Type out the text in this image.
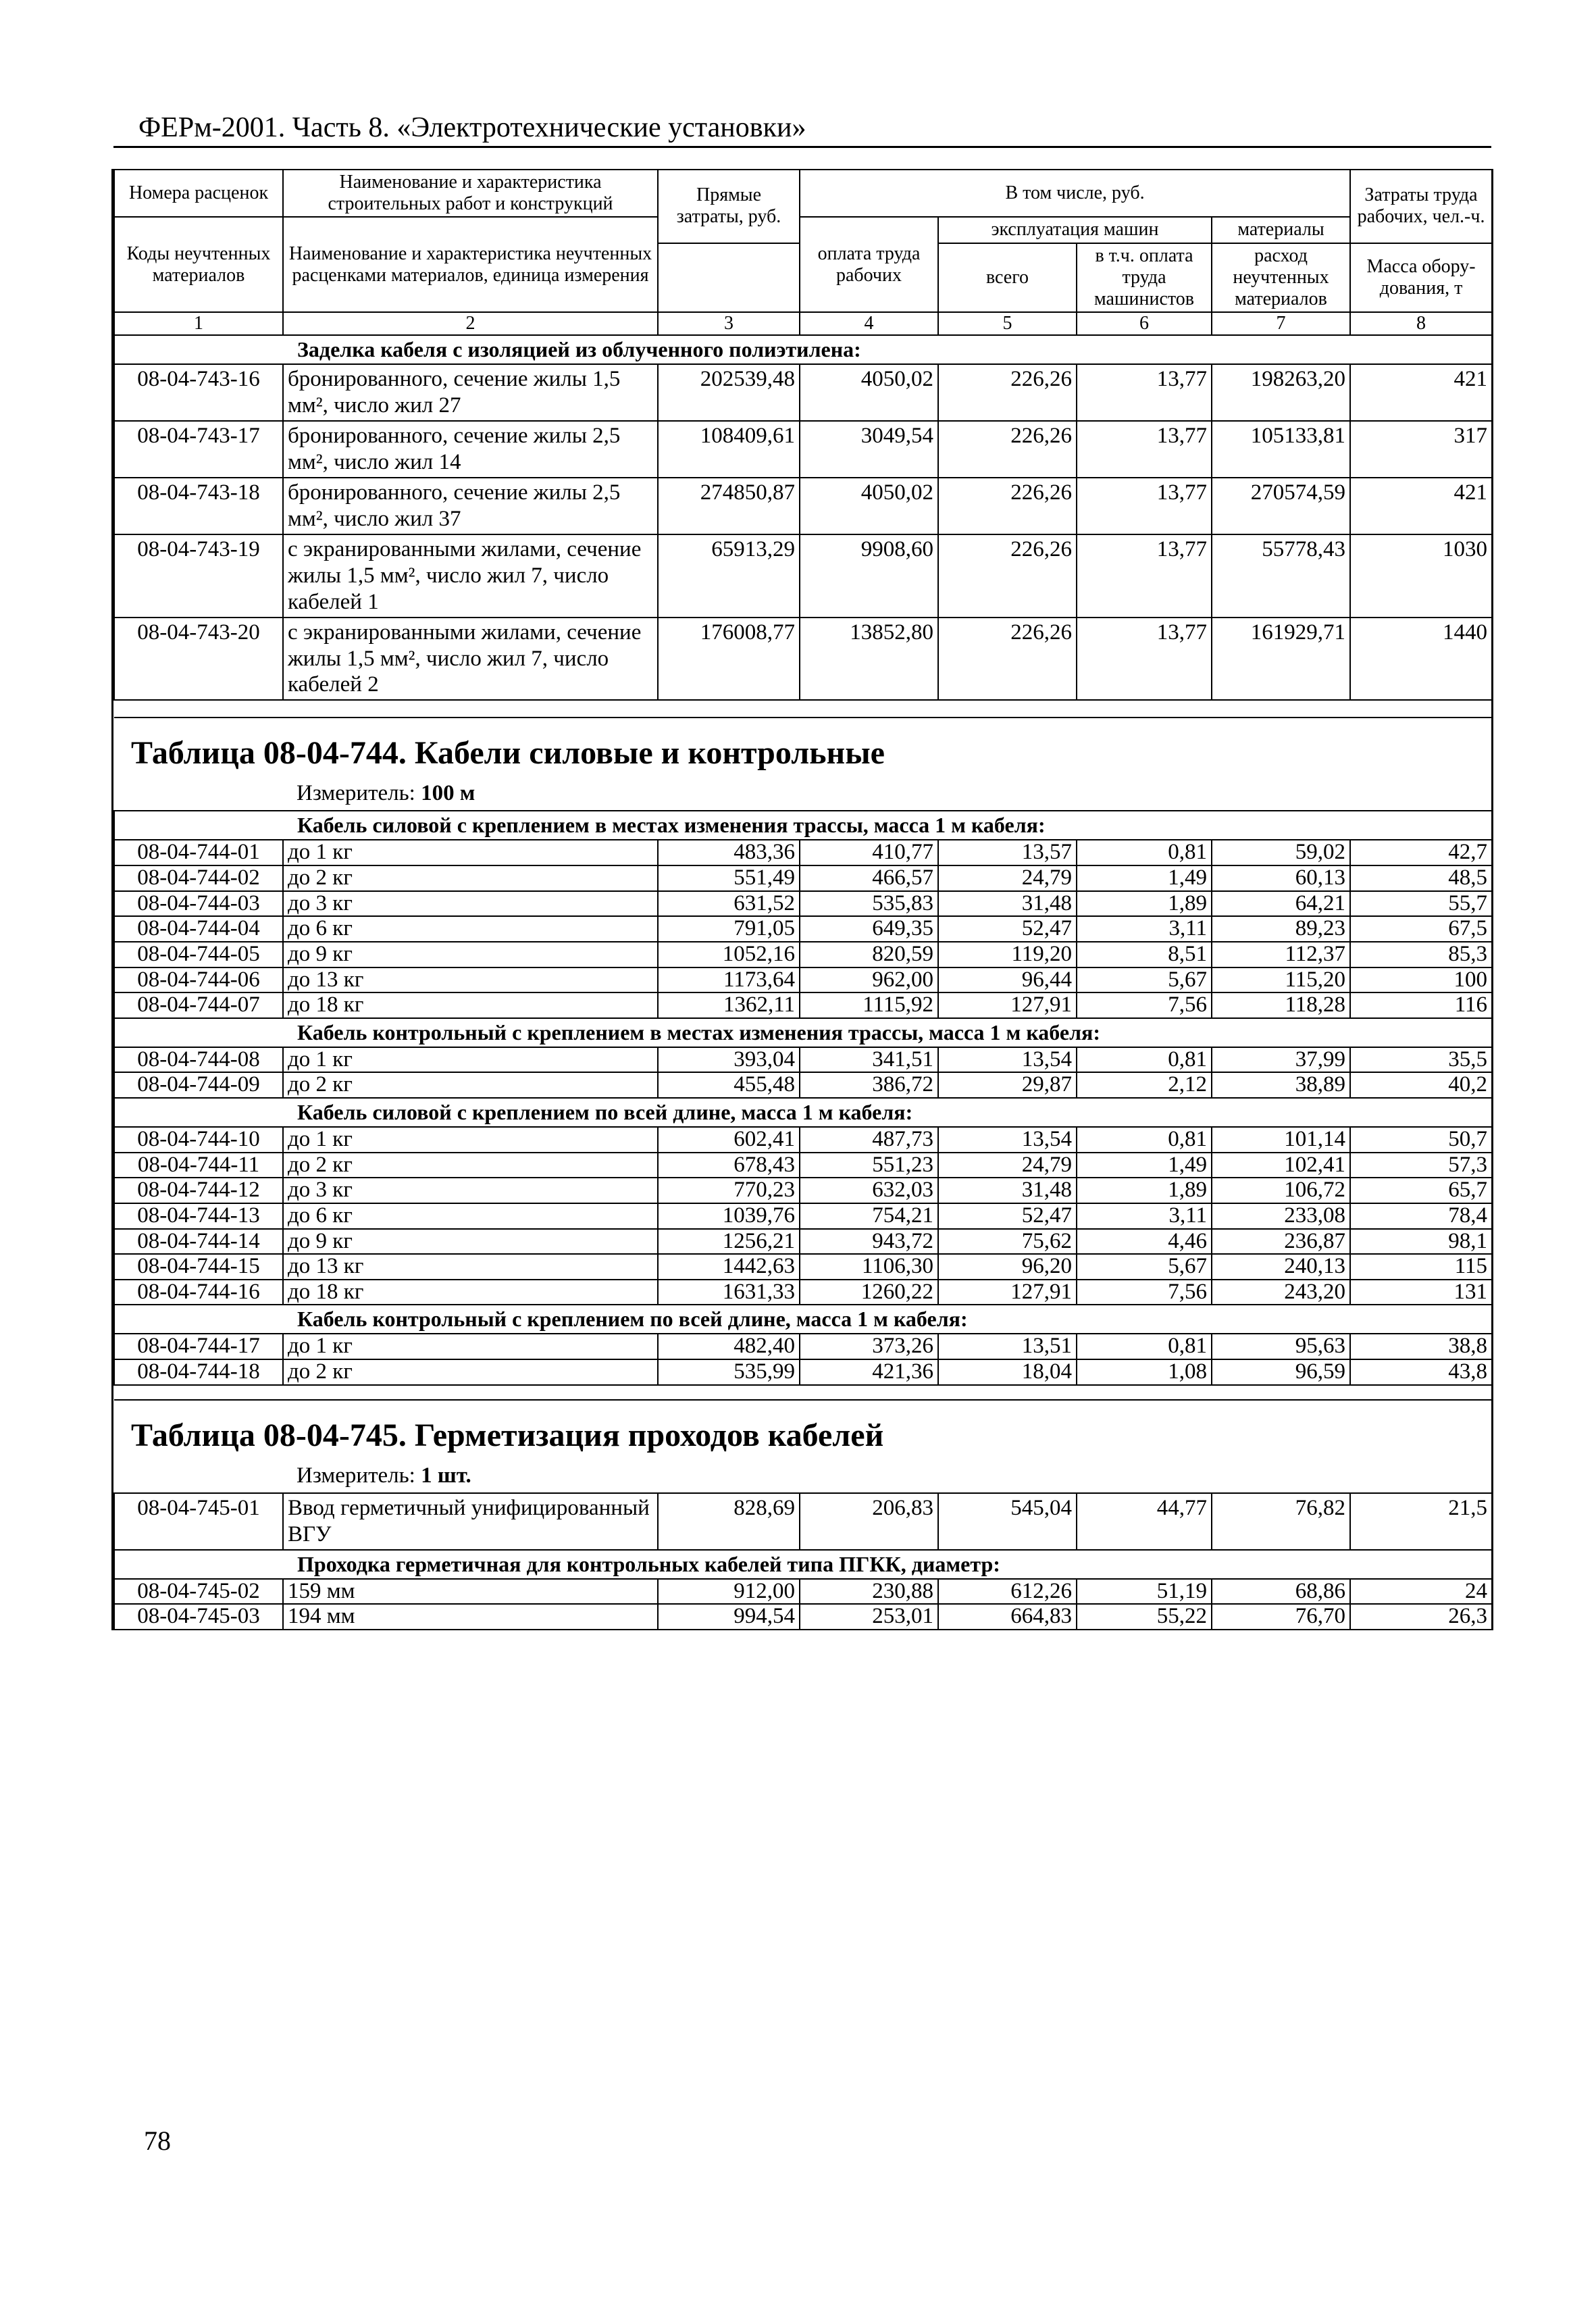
ФЕРм-2001. Часть 8. «Электротехнические установки»
Номера расценок	Наименование и характеристика строительных работ и конструкций	Прямые затраты, руб.	В том числе, руб.				Затраты труда рабочих, чел.-ч.
Коды неучтенных материалов	Наименование и характеристика неучтенных расценками материалов, единица измерения		оплата труда рабочих	эксплуатация машин		материалы	
				всего	в т.ч. оплата труда машинистов	расход неучтенных материалов	Масса обору-дования, т

1	2	3	4	5	6	7	8
Заделка кабеля с изоляцией из облученного полиэтилена:							
08-04-743-16	бронированного, сечение жилы 1,5 мм², число жил 27	202539,48	4050,02	226,26	13,77	198263,20	421
08-04-743-17	бронированного, сечение жилы 2,5 мм², число жил 14	108409,61	3049,54	226,26	13,77	105133,81	317
08-04-743-18	бронированного, сечение жилы 2,5 мм², число жил 37	274850,87	4050,02	226,26	13,77	270574,59	421
08-04-743-19	с экранированными жилами, сечение жилы 1,5 мм², число жил 7, число кабелей 1	65913,29	9908,60	226,26	13,77	55778,43	1030
08-04-743-20	с экранированными жилами, сечение жилы 1,5 мм², число жил 7, число кабелей 2	176008,77	13852,80	226,26	13,77	161929,71	1440

Таблица 08-04-744. Кабели силовые и контрольные
Измеритель: 100 м							

Кабель силовой с креплением в местах изменения трассы, масса 1 м кабеля:							
08-04-744-01	до 1 кг	483,36	410,77	13,57	0,81	59,02	42,7
08-04-744-02	до 2 кг	551,49	466,57	24,79	1,49	60,13	48,5
08-04-744-03	до 3 кг	631,52	535,83	31,48	1,89	64,21	55,7
08-04-744-04	до 6 кг	791,05	649,35	52,47	3,11	89,23	67,5
08-04-744-05	до 9 кг	1052,16	820,59	119,20	8,51	112,37	85,3
08-04-744-06	до 13 кг	1173,64	962,00	96,44	5,67	115,20	100
08-04-744-07	до 18 кг	1362,11	1115,92	127,91	7,56	118,28	116
Кабель контрольный с креплением в местах изменения трассы, масса 1 м кабеля:							
08-04-744-08	до 1 кг	393,04	341,51	13,54	0,81	37,99	35,5
08-04-744-09	до 2 кг	455,48	386,72	29,87	2,12	38,89	40,2
Кабель силовой с креплением по всей длине, масса 1 м кабеля:							
08-04-744-10	до 1 кг	602,41	487,73	13,54	0,81	101,14	50,7
08-04-744-11	до 2 кг	678,43	551,23	24,79	1,49	102,41	57,3
08-04-744-12	до 3 кг	770,23	632,03	31,48	1,89	106,72	65,7
08-04-744-13	до 6 кг	1039,76	754,21	52,47	3,11	233,08	78,4
08-04-744-14	до 9 кг	1256,21	943,72	75,62	4,46	236,87	98,1
08-04-744-15	до 13 кг	1442,63	1106,30	96,20	5,67	240,13	115
08-04-744-16	до 18 кг	1631,33	1260,22	127,91	7,56	243,20	131
Кабель контрольный с креплением по всей длине, масса 1 м кабеля:							
08-04-744-17	до 1 кг	482,40	373,26	13,51	0,81	95,63	38,8
08-04-744-18	до 2 кг	535,99	421,36	18,04	1,08	96,59	43,8

Таблица 08-04-745. Герметизация проходов кабелей
Измеритель: 1 шт.							

08-04-745-01	Ввод герметичный унифицированный ВГУ	828,69	206,83	545,04	44,77	76,82	21,5
Проходка герметичная для контрольных кабелей типа ПГКК, диаметр:							
08-04-745-02	159 мм	912,00	230,88	612,26	51,19	68,86	24
08-04-745-03	194 мм	994,54	253,01	664,83	55,22	76,70	26,3
78
